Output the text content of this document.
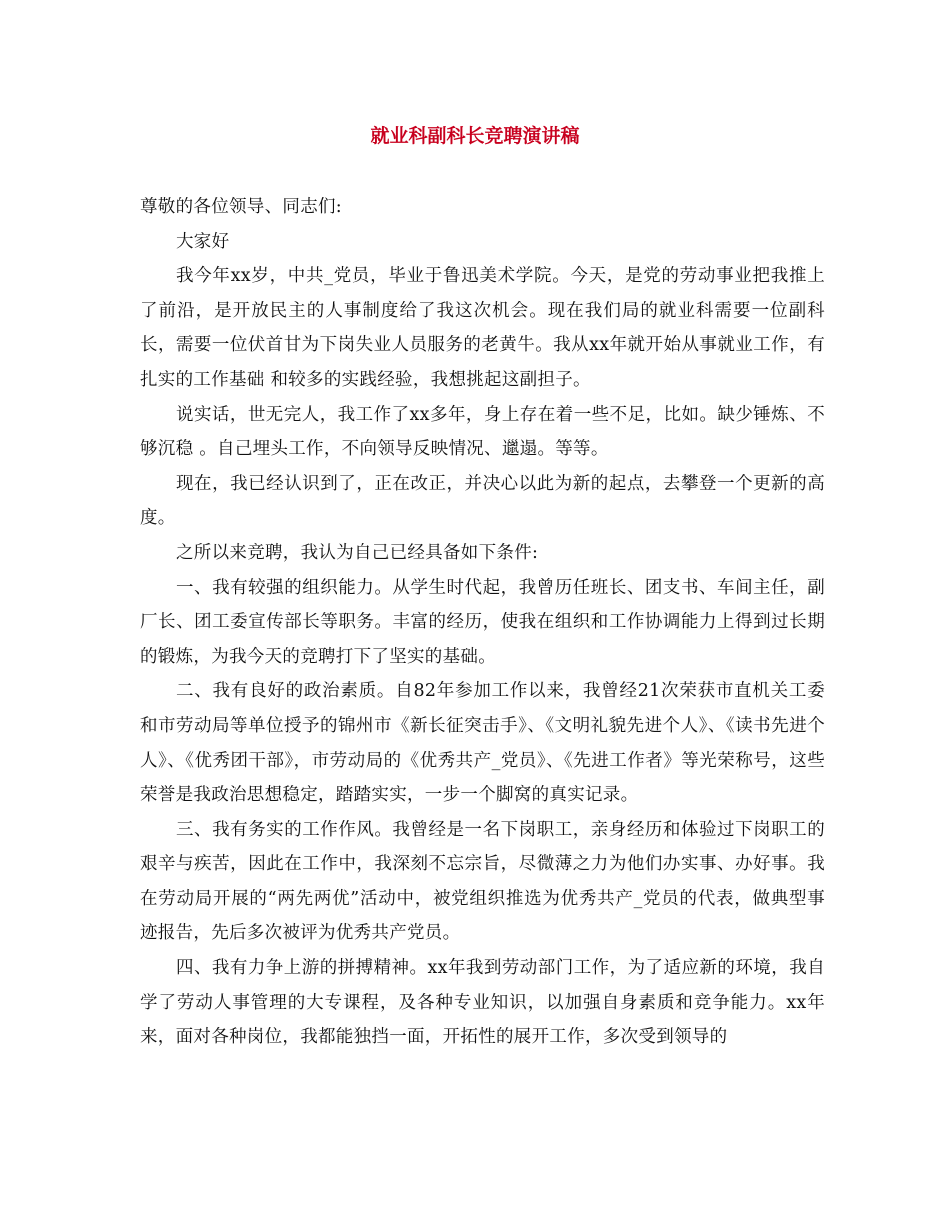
就业科副科长竞聘演讲稿

尊敬的各位领导、同志们:

大家好

我今年xx岁，中共_党员，毕业于鲁迅美术学院。今天，是党的劳动事业把我推上了前沿，是开放民主的人事制度给了我这次机会。现在我们局的就业科需要一位副科长，需要一位伏首甘为下岗失业人员服务的老黄牛。我从xx年就开始从事就业工作，有扎实的工作基础 和较多的实践经验，我想挑起这副担子。

说实话，世无完人，我工作了xx多年，身上存在着一些不足，比如。缺少锤炼、不够沉稳 。自己埋头工作，不向领导反映情况、邋遢。等等。

现在，我已经认识到了，正在改正，并决心以此为新的起点，去攀登一个更新的高度。

之所以来竞聘，我认为自己已经具备如下条件:

一、我有较强的组织能力。从学生时代起，我曾历任班长、团支书、车间主任，副厂长、团工委宣传部长等职务。丰富的经历，使我在组织和工作协调能力上得到过长期的锻炼，为我今天的竞聘打下了坚实的基础。

二、我有良好的政治素质。自82年参加工作以来，我曾经21次荣获市直机关工委和市劳动局等单位授予的锦州市《新长征突击手》、《文明礼貌先进个人》、《读书先进个人》、《优秀团干部》，市劳动局的《优秀共产_党员》、《先进工作者》等光荣称号，这些荣誉是我政治思想稳定，踏踏实实，一步一个脚窝的真实记录。

三、我有务实的工作作风。我曾经是一名下岗职工，亲身经历和体验过下岗职工的艰辛与疾苦，因此在工作中，我深刻不忘宗旨，尽微薄之力为他们办实事、办好事。我在劳动局开展的“两先两优”活动中，被党组织推选为优秀共产_党员的代表，做典型事迹报告，先后多次被评为优秀共产党员。

四、我有力争上游的拼搏精神。xx年我到劳动部门工作，为了适应新的环境，我自学了劳动人事管理的大专课程，及各种专业知识，以加强自身素质和竞争能力。xx年来，面对各种岗位，我都能独挡一面，开拓性的展开工作，多次受到领导的
